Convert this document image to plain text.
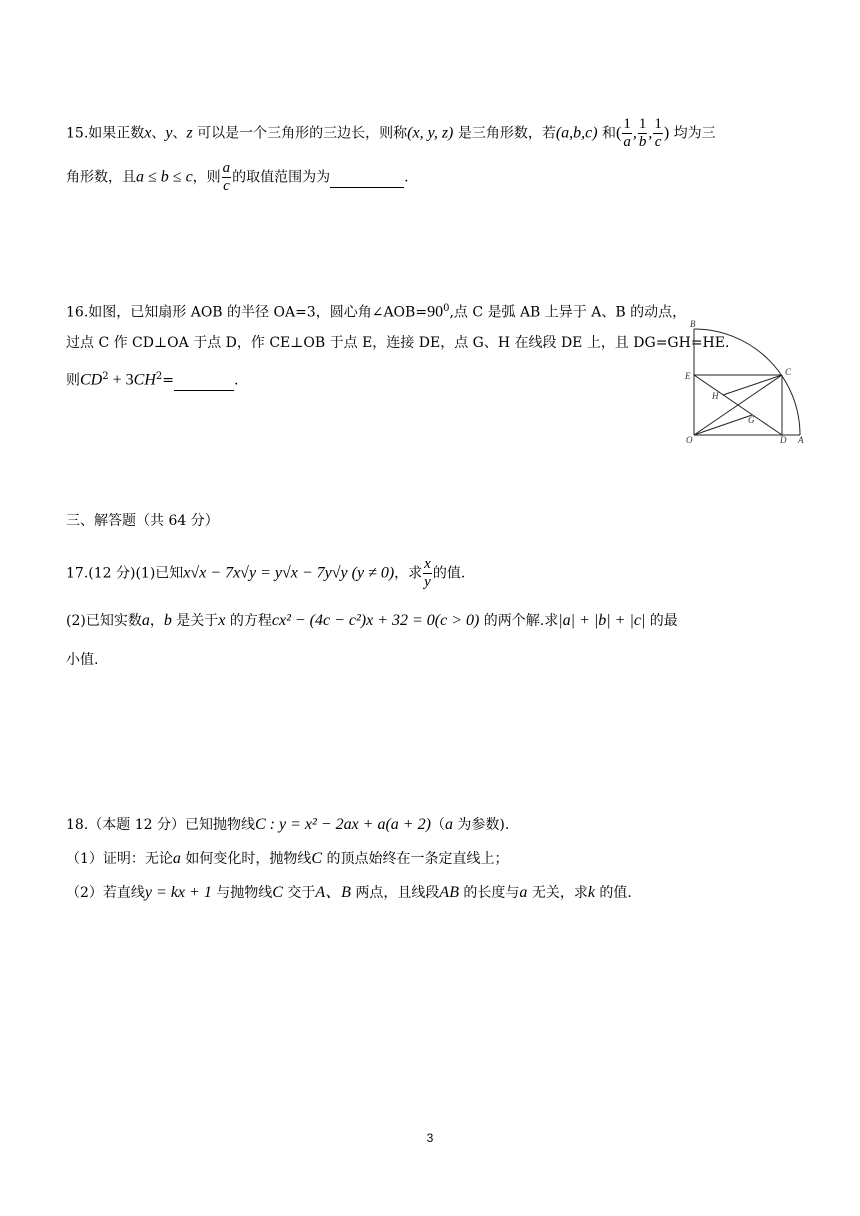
15.如果正数x、y、z 可以是一个三角形的三边长，则称(x, y, z) 是三角形数，若(a,b,c) 和( $\frac{1}{a}$ , $\frac{1}{b}$ , $\frac{1}{c}$ ) 均为三
角形数，且a ≤ b ≤ c，则 $\frac{a}{c}$ 的取值范围为为	.
16.如图，已知扇形 AOB 的半径 OA=3，圆心角$\angle AOB=90^0$,点 C 是弧 AB 上异于 A、B 的动点，
过点 C 作 CD⊥OA 于点 D，作 CE⊥OB 于点 E，连接 DE，点 G、H 在线段 DE 上，且 DG=GH=HE.
则$CD^2 + 3CH^2=$	.
B
E	C
H
G
O	D A
三、解答题（共 64 分）
17.(12 分)(1)已知x√x − 7x√y = y√x − 7y√y (y ≠ 0)，求 $\frac{x}{y}$ 的值.
(2)已知实数a，b 是关于x 的方程cx² − (4c − c²)x + 32 = 0(c > 0) 的两个解.求|a| + |b| + |c| 的最
小值.
18.（本题 12 分）已知抛物线C : y = x² − 2ax + a(a + 2)（a 为参数).
（1）证明：无论a 如何变化时，抛物线C 的顶点始终在一条定直线上；
（2）若直线y = kx + 1 与抛物线C 交于A、B 两点，且线段AB 的长度与a 无关，求k 的值.
3
